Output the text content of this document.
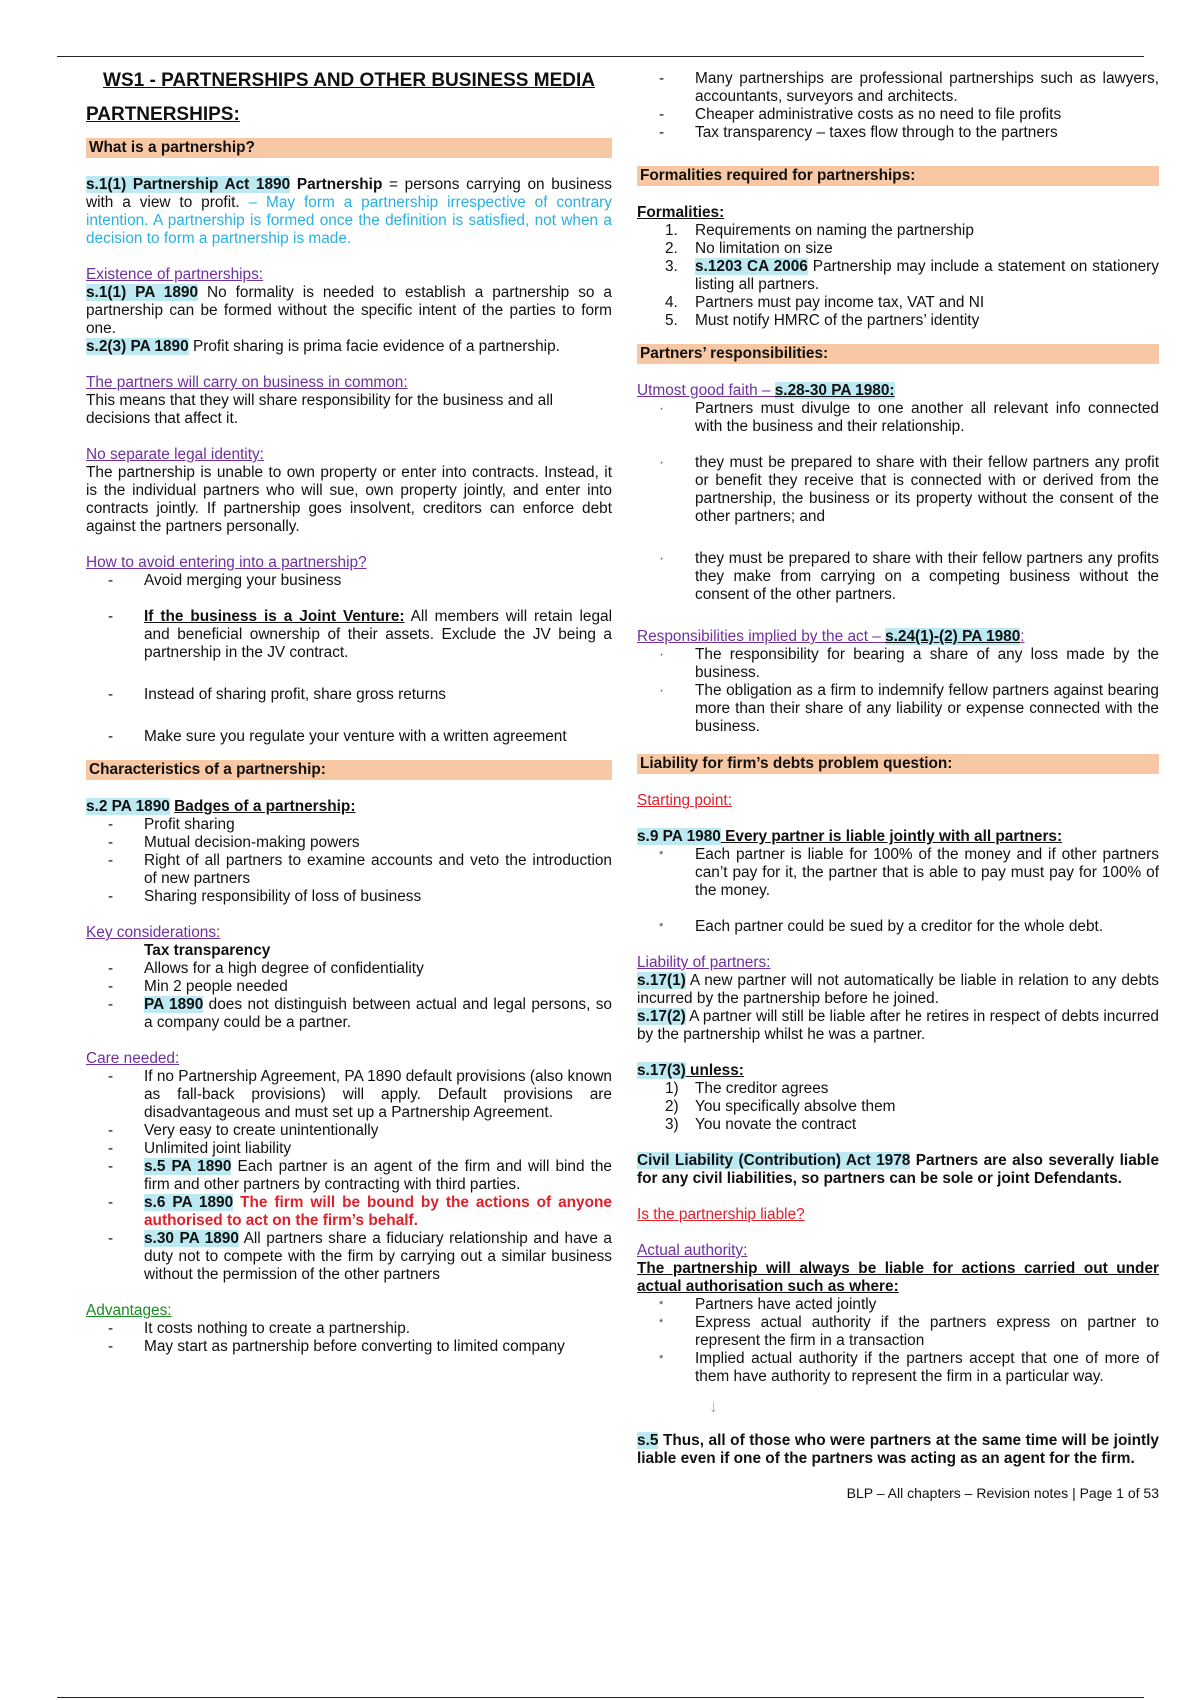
WS1 - PARTNERSHIPS AND OTHER BUSINESS MEDIA

PARTNERSHIPS:

What is a partnership?

s.1(1) Partnership Act 1890 Partnership = persons carrying on business with a view to profit. – May form a partnership irrespective of contrary intention. A partnership is formed once the definition is satisfied, not when a decision to form a partnership is made.

Existence of partnerships:

s.1(1) PA 1890 No formality is needed to establish a partnership so a partnership can be formed without the specific intent of the parties to form one.

s.2(3) PA 1890 Profit sharing is prima facie evidence of a partnership.

The partners will carry on business in common:

This means that they will share responsibility for the business and all decisions that affect it.

No separate legal identity:

The partnership is unable to own property or enter into contracts. Instead, it is the individual partners who will sue, own property jointly, and enter into contracts jointly. If partnership goes insolvent, creditors can enforce debt against the partners personally.

How to avoid entering into a partnership?

- Avoid merging your business
- If the business is a Joint Venture: All members will retain legal and beneficial ownership of their assets. Exclude the JV being a partnership in the JV contract.
- Instead of sharing profit, share gross returns
- Make sure you regulate your venture with a written agreement

Characteristics of a partnership:

s.2 PA 1890 Badges of a partnership:

- Profit sharing
- Mutual decision-making powers
- Right of all partners to examine accounts and veto the introduction of new partners
- Sharing responsibility of loss of business

Key considerations:

Tax transparency

- Allows for a high degree of confidentiality
- Min 2 people needed
- PA 1890 does not distinguish between actual and legal persons, so a company could be a partner.

Care needed:

- If no Partnership Agreement, PA 1890 default provisions (also known as fall-back provisions) will apply. Default provisions are disadvantageous and must set up a Partnership Agreement.
- Very easy to create unintentionally
- Unlimited joint liability
- s.5 PA 1890 Each partner is an agent of the firm and will bind the firm and other partners by contracting with third parties.
- s.6 PA 1890 The firm will be bound by the actions of anyone authorised to act on the firm’s behalf.
- s.30 PA 1890 All partners share a fiduciary relationship and have a duty not to compete with the firm by carrying out a similar business without the permission of the other partners

Advantages:

- It costs nothing to create a partnership.
- May start as partnership before converting to limited company
- Many partnerships are professional partnerships such as lawyers, accountants, surveyors and architects.
- Cheaper administrative costs as no need to file profits
- Tax transparency – taxes flow through to the partners

Formalities required for partnerships:

Formalities:

1. Requirements on naming the partnership
2. No limitation on size
3. s.1203 CA 2006 Partnership may include a statement on stationery listing all partners.
4. Partners must pay income tax, VAT and NI
5. Must notify HMRC of the partners’ identity

Partners’ responsibilities:

Utmost good faith – s.28-30 PA 1980:

· Partners must divulge to one another all relevant info connected with the business and their relationship.
· they must be prepared to share with their fellow partners any profit or benefit they receive that is connected with or derived from the partnership, the business or its property without the consent of the other partners; and
· they must be prepared to share with their fellow partners any profits they make from carrying on a competing business without the consent of the other partners.

Responsibilities implied by the act – s.24(1)-(2) PA 1980:

· The responsibility for bearing a share of any loss made by the business.
· The obligation as a firm to indemnify fellow partners against bearing more than their share of any liability or expense connected with the business.

Liability for firm’s debts problem question:

Starting point:

s.9 PA 1980 Every partner is liable jointly with all partners:

* Each partner is liable for 100% of the money and if other partners can’t pay for it, the partner that is able to pay must pay for 100% of the money.
* Each partner could be sued by a creditor for the whole debt.

Liability of partners:

s.17(1) A new partner will not automatically be liable in relation to any debts incurred by the partnership before he joined.

s.17(2) A partner will still be liable after he retires in respect of debts incurred by the partnership whilst he was a partner.

s.17(3) unless:

1) The creditor agrees
2) You specifically absolve them
3) You novate the contract

Civil Liability (Contribution) Act 1978 Partners are also severally liable for any civil liabilities, so partners can be sole or joint Defendants.

Is the partnership liable?

Actual authority:

The partnership will always be liable for actions carried out under actual authorisation such as where:

* Partners have acted jointly
* Express actual authority if the partners express on partner to represent the firm in a transaction
* Implied actual authority if the partners accept that one of more of them have authority to represent the firm in a particular way.
↓

s.5 Thus, all of those who were partners at the same time will be jointly liable even if one of the partners was acting as an agent for the firm.

BLP – All chapters – Revision notes | Page 1 of 53
